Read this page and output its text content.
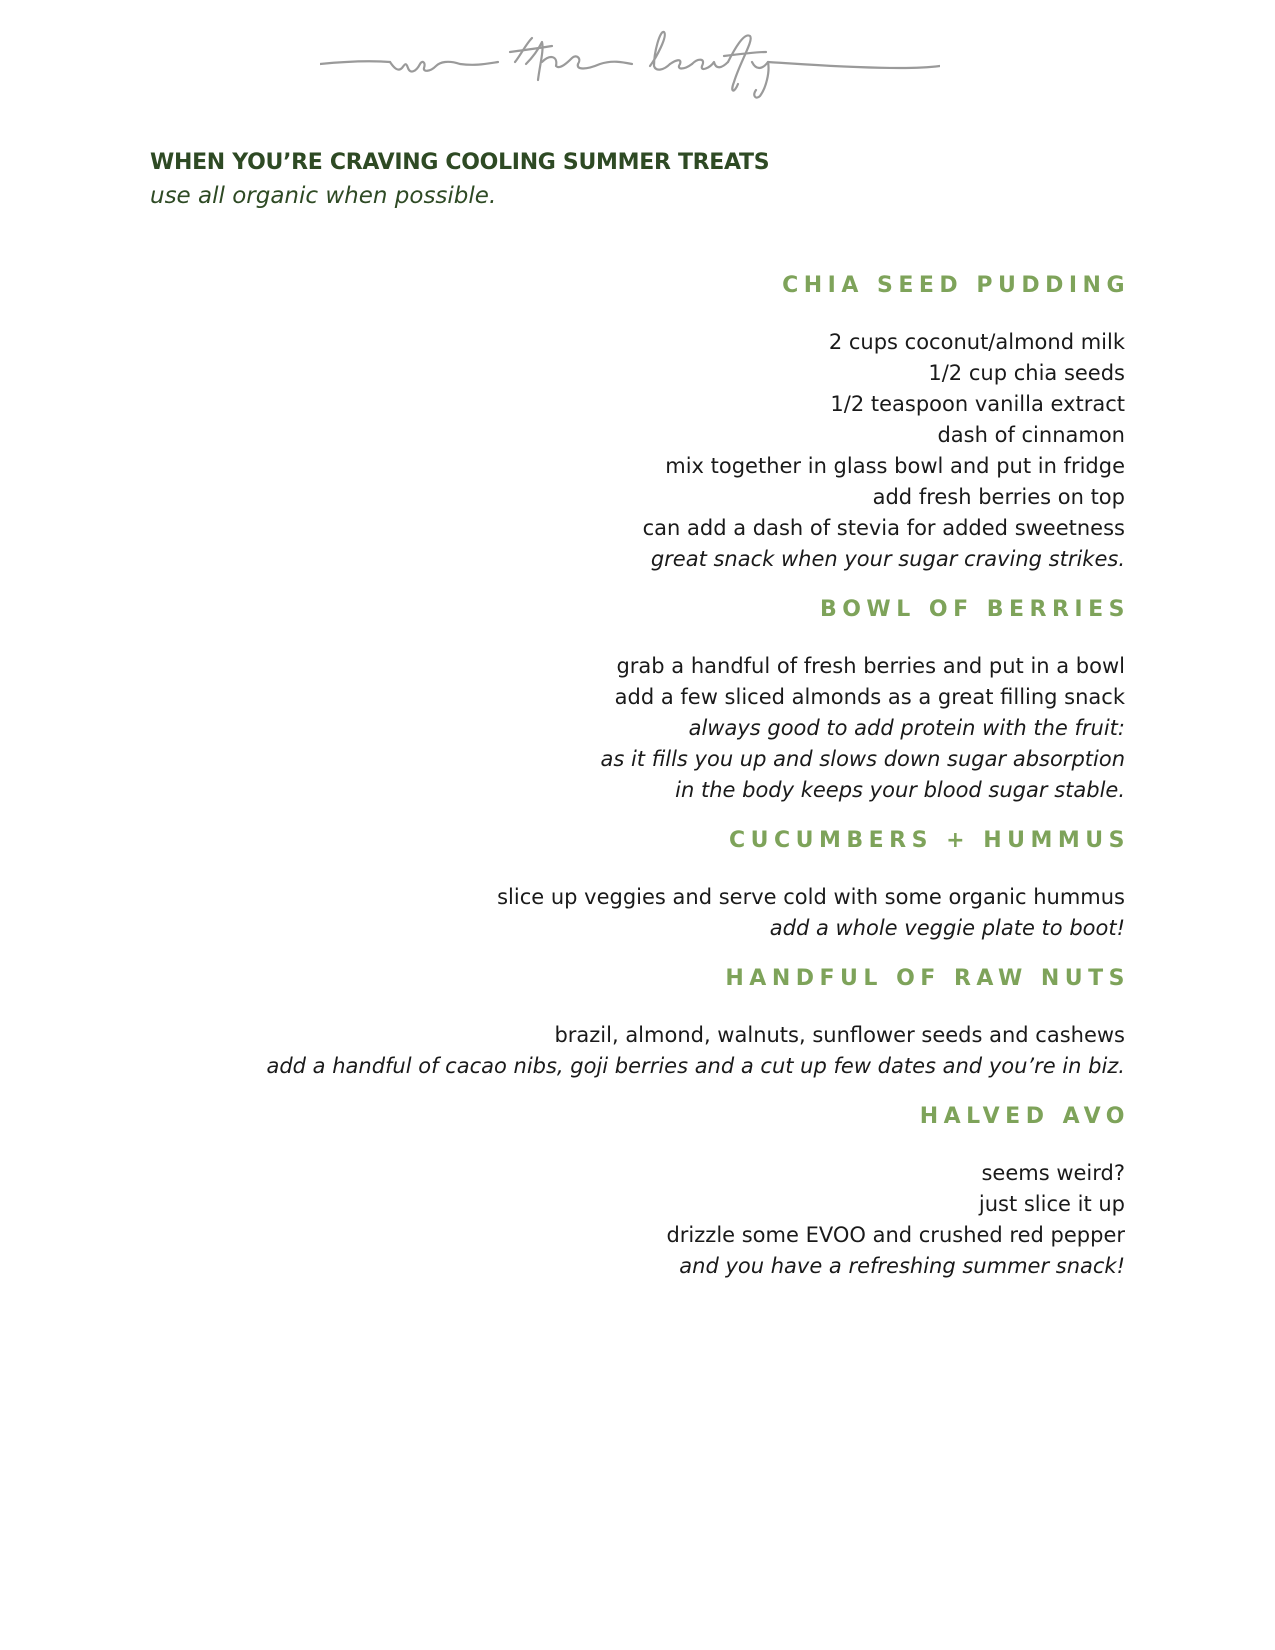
WHEN YOU’RE CRAVING COOLING SUMMER TREATS
use all organic when possible.
CHIA SEED PUDDING
2 cups coconut/almond milk
1/2 cup chia seeds
1/2 teaspoon vanilla extract
dash of cinnamon
mix together in glass bowl and put in fridge
add fresh berries on top
can add a dash of stevia for added sweetness
great snack when your sugar craving strikes.
BOWL OF BERRIES
grab a handful of fresh berries and put in a bowl
add a few sliced almonds as a great filling snack
always good to add protein with the fruit:
as it fills you up and slows down sugar absorption
in the body keeps your blood sugar stable.
CUCUMBERS + HUMMUS
slice up veggies and serve cold with some organic hummus
add a whole veggie plate to boot!
HANDFUL OF RAW NUTS
brazil, almond, walnuts, sunflower seeds and cashews
add a handful of cacao nibs, goji berries and a cut up few dates and you’re in biz.
HALVED AVO
seems weird?
just slice it up
drizzle some EVOO and crushed red pepper
and you have a refreshing summer snack!
